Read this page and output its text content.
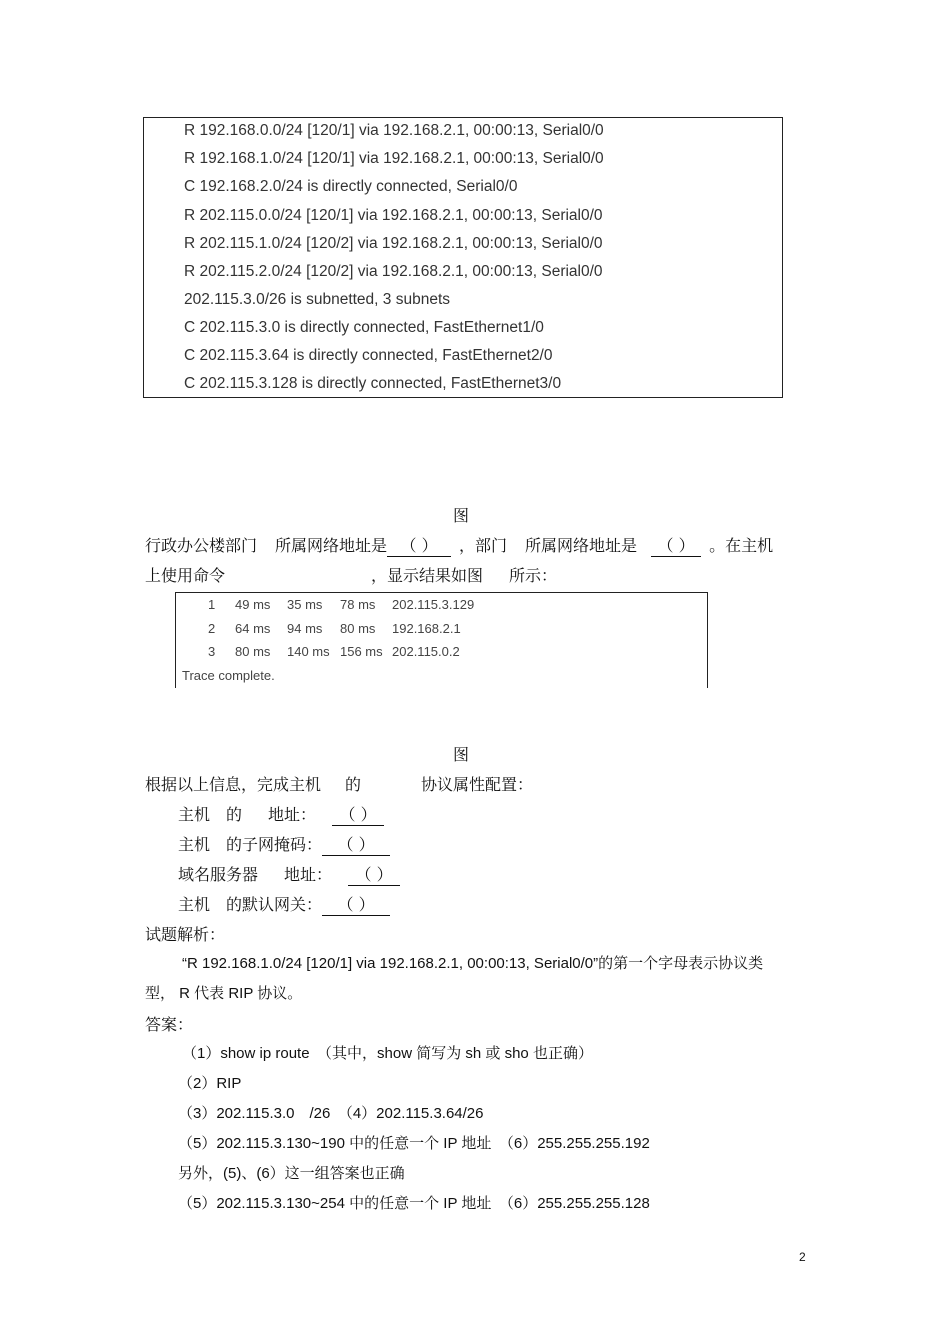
R 192.168.0.0/24 [120/1] via 192.168.2.1, 00:00:13, Serial0/0
R 192.168.1.0/24 [120/1] via 192.168.2.1, 00:00:13, Serial0/0
C 192.168.2.0/24 is directly connected, Serial0/0
R 202.115.0.0/24 [120/1] via 192.168.2.1, 00:00:13, Serial0/0
R 202.115.1.0/24 [120/2] via 192.168.2.1, 00:00:13, Serial0/0
R 202.115.2.0/24 [120/2] via 192.168.2.1, 00:00:13, Serial0/0
202.115.3.0/26 is subnetted, 3 subnets
C 202.115.3.0 is directly connected, FastEthernet1/0
C 202.115.3.64 is directly connected, FastEthernet2/0
C 202.115.3.128 is directly connected, FastEthernet3/0
图
行政办公楼部门 所属网络地址是 （ ） ，部门 所属网络地址是 （ ） 。在主机
上使用命令	，显示结果如图 所示：
1 49 ms 35 ms 78 ms 202.115.3.129
2 64 ms 94 ms 80 ms 192.168.2.1
3 80 ms 140 ms 156 ms 202.115.0.2
Trace complete.
图
根据以上信息，完成主机 的	协议属性配置：
主机 的 地址： （ ）
主机 的子网掩码： （ ）
域名服务器 地址： （ ）
主机 的默认网关： （ ）
试题解析：
“R 192.168.1.0/24 [120/1] via 192.168.2.1, 00:00:13, Serial0/0”的第一个字母表示协议类
型， R 代表 RIP 协议。
答案：
（1）show ip route　（其中，show 简写为 sh 或 sho 也正确）
（2）RIP
（3）202.115.3.0　/26　（4）202.115.3.64/26
（5）202.115.3.130~190 中的任意一个 IP 地址　（6）255.255.255.192
另外，(5)、(6）这一组答案也正确
（5）202.115.3.130~254 中的任意一个 IP 地址　（6）255.255.255.128
2
